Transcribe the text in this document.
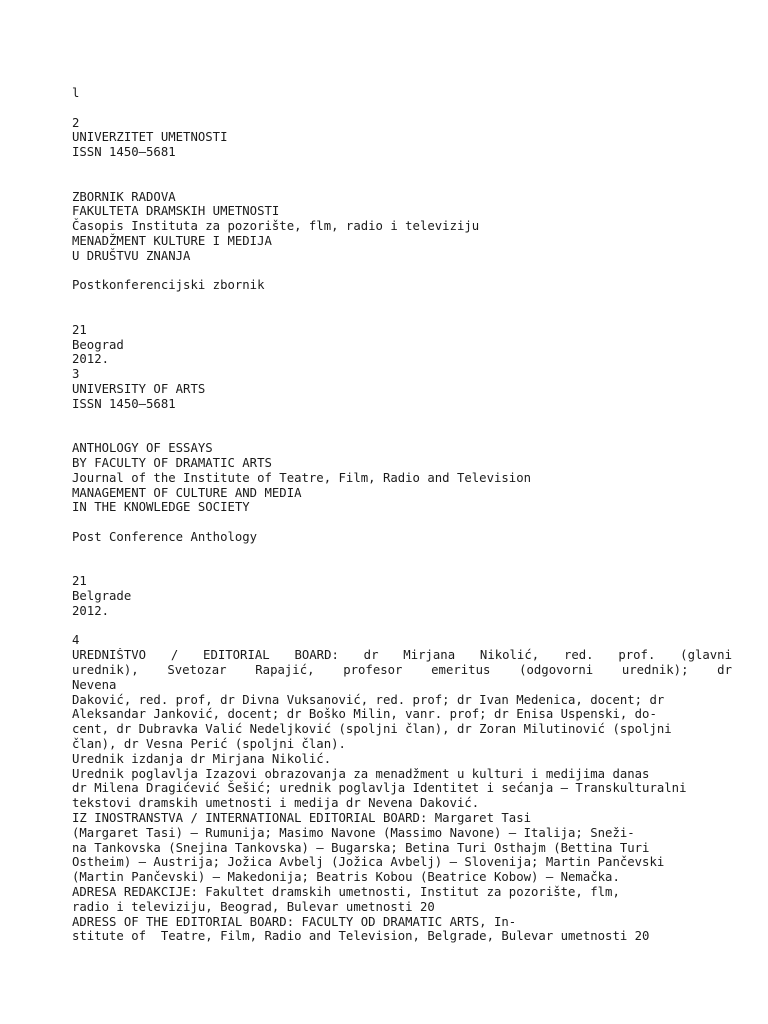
l
2
UNIVERZITET UMETNOSTI
ISSN 1450–5681
ZBORNIK RADOVA
FAKULTETA DRAMSKIH UMETNOSTI
Časopis Instituta za pozorište, flm, radio i televiziju
MENADŽMENT KULTURE I MEDIJA
U DRUŠTVU ZNANJA
Postkonferencijski zbornik
21
Beograd
2012.
3
UNIVERSITY OF ARTS
ISSN 1450–5681
ANTHOLOGY OF ESSAYS
BY FACULTY OF DRAMATIC ARTS
Journal of the Institute of Teatre, Film, Radio and Television
MANAGEMENT OF CULTURE AND MEDIA
IN THE KNOWLEDGE SOCIETY
Post Conference Anthology
21
Belgrade
2012.
4
UREDNIŠTVO / EDITORIAL BOARD: dr Mirjana Nikolić, red. prof. (glavni
urednik), Svetozar Rapajić, profesor emeritus (odgovorni urednik); dr
Nevena
Daković, red. prof, dr Divna Vuksanović, red. prof; dr Ivan Medenica, docent; dr
Aleksandar Janković, docent; dr Boško Milin, vanr. prof; dr Enisa Uspenski, do-
cent, dr Dubravka Valić Nedeljković (spoljni član), dr Zoran Milutinović (spoljni
član), dr Vesna Perić (spoljni član).
Urednik izdanja dr Mirjana Nikolić.
Urednik poglavlja Izazovi obrazovanja za menadžment u kulturi i medijima danas
dr Milena Dragićević Šešić; urednik poglavlja Identitet i sećanja – Transkulturalni
tekstovi dramskih umetnosti i medija dr Nevena Daković.
IZ INOSTRANSTVA / INTERNATIONAL EDITORIAL BOARD: Margaret Tasi
(Margaret Tasi) – Rumunija; Masimo Navone (Massimo Navone) – Italija; Sneži-
na Tankovska (Snejina Tankovska) – Bugarska; Betina Turi Osthajm (Bettina Turi
Ostheim) – Austrija; Jožica Avbelj (Jožica Avbelj) – Slovenija; Martin Pančevski
(Martin Pančevski) – Makedonija; Beatris Kobou (Beatrice Kobow) – Nemačka.
ADRESA REDAKCIJE: Fakultet dramskih umetnosti, Institut za pozorište, flm,
radio i televiziju, Beograd, Bulevar umetnosti 20
ADRESS OF THE EDITORIAL BOARD: FACULTY OD DRAMATIC ARTS, In-
stitute of  Teatre, Film, Radio and Television, Belgrade, Bulevar umetnosti 20
